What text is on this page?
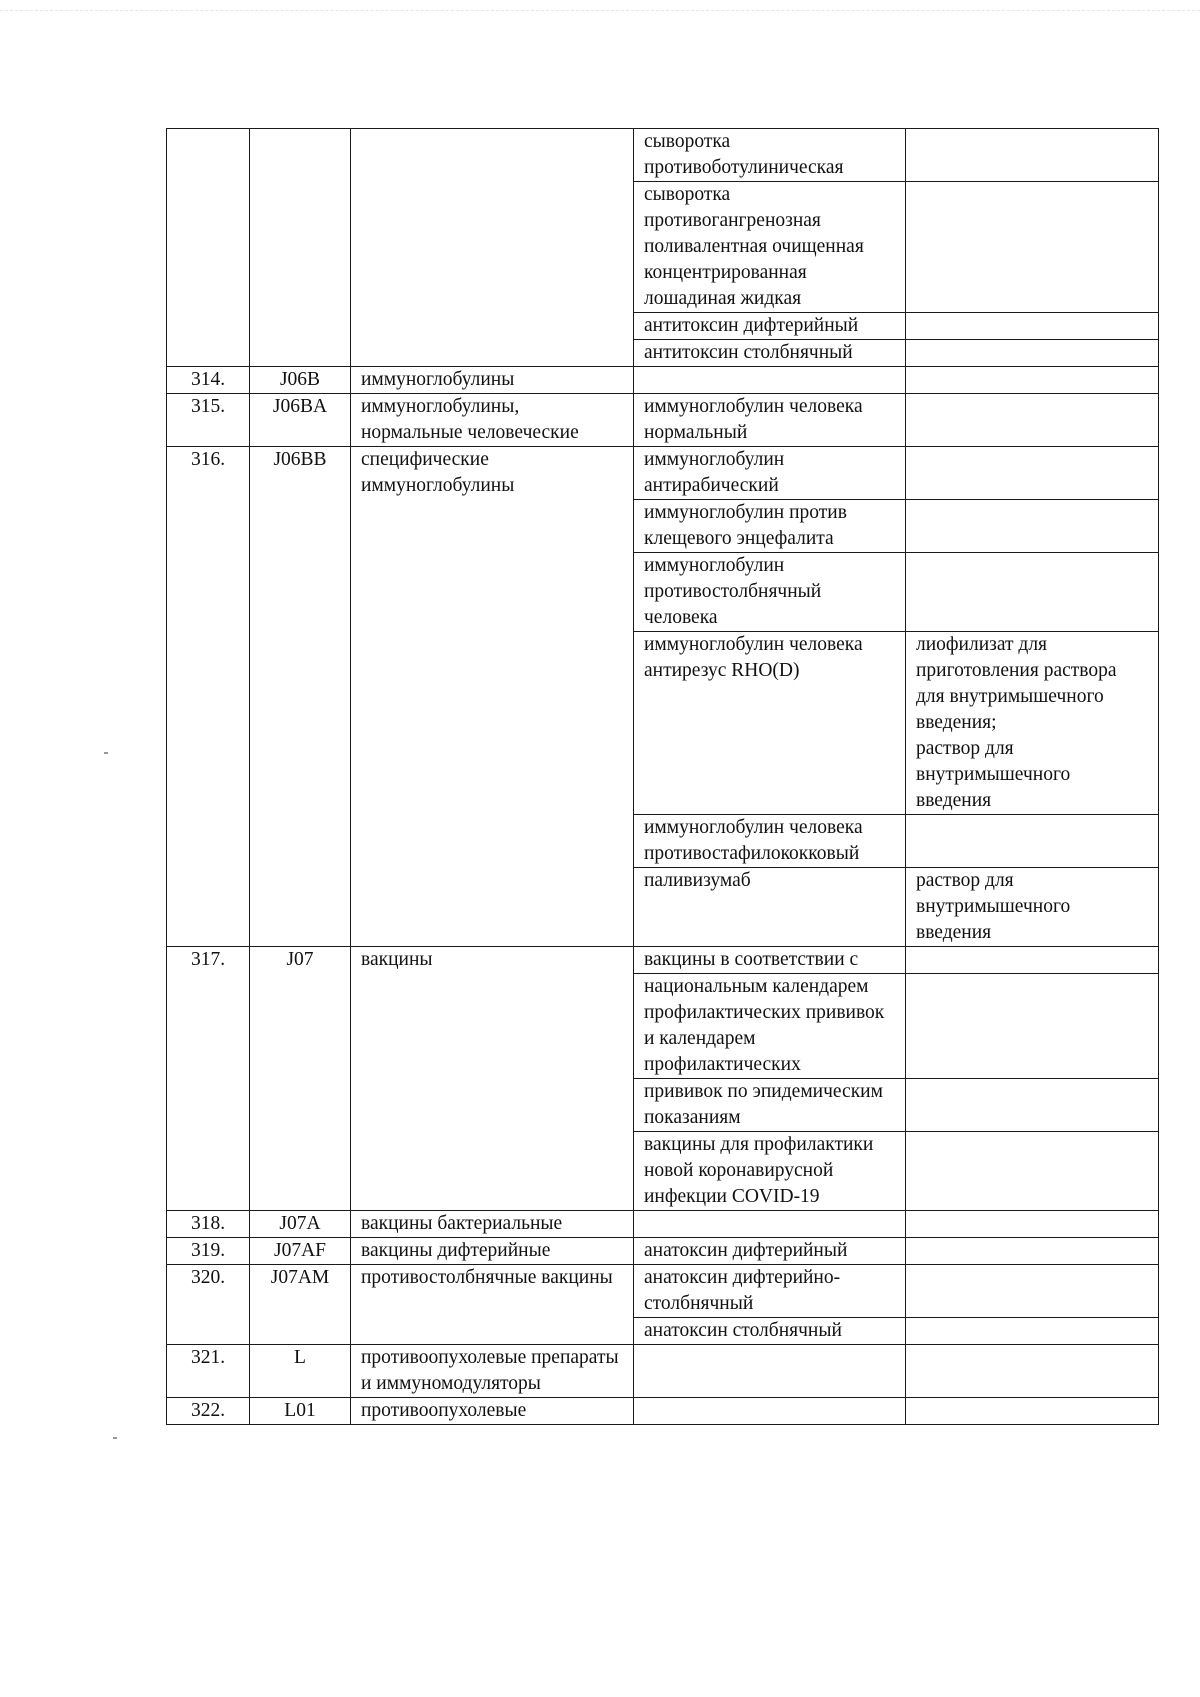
			сыворотка противоботулиническая	
			сыворотка противогангренозная поливалентная очищенная концентрированная лошадиная жидкая	
			антитоксин дифтерийный	
			антитоксин столбнячный	
314.	J06B	иммуноглобулины		
315.	J06BA	иммуноглобулины, нормальные человеческие	иммуноглобулин человека нормальный	
316.	J06BB	специфические иммуноглобулины	иммуноглобулин антирабический	
			иммуноглобулин против клещевого энцефалита	
			иммуноглобулин противостолбнячный человека	
			иммуноглобулин человека антирезус RHO(D)	лиофилизат для приготовления раствора для внутримышечного введения;
раствор для внутримышечного введения

			иммуноглобулин человека противостафилококковый	
			паливизумаб	раствор для внутримышечного введения
317.	J07	вакцины	вакцины в соответствии с	
			национальным календарем профилактических прививок и календарем профилактических	
			прививок по эпидемическим показаниям	
			вакцины для профилактики новой коронавирусной инфекции COVID-19	
318.	J07A	вакцины бактериальные		
319.	J07AF	вакцины дифтерийные	анатоксин дифтерийный	
320.	J07AM	противостолбнячные вакцины	анатоксин дифтерийно-столбнячный	
			анатоксин столбнячный	
321.	L	противоопухолевые препараты и иммуномодуляторы		
322.	L01	противоопухолевые		
